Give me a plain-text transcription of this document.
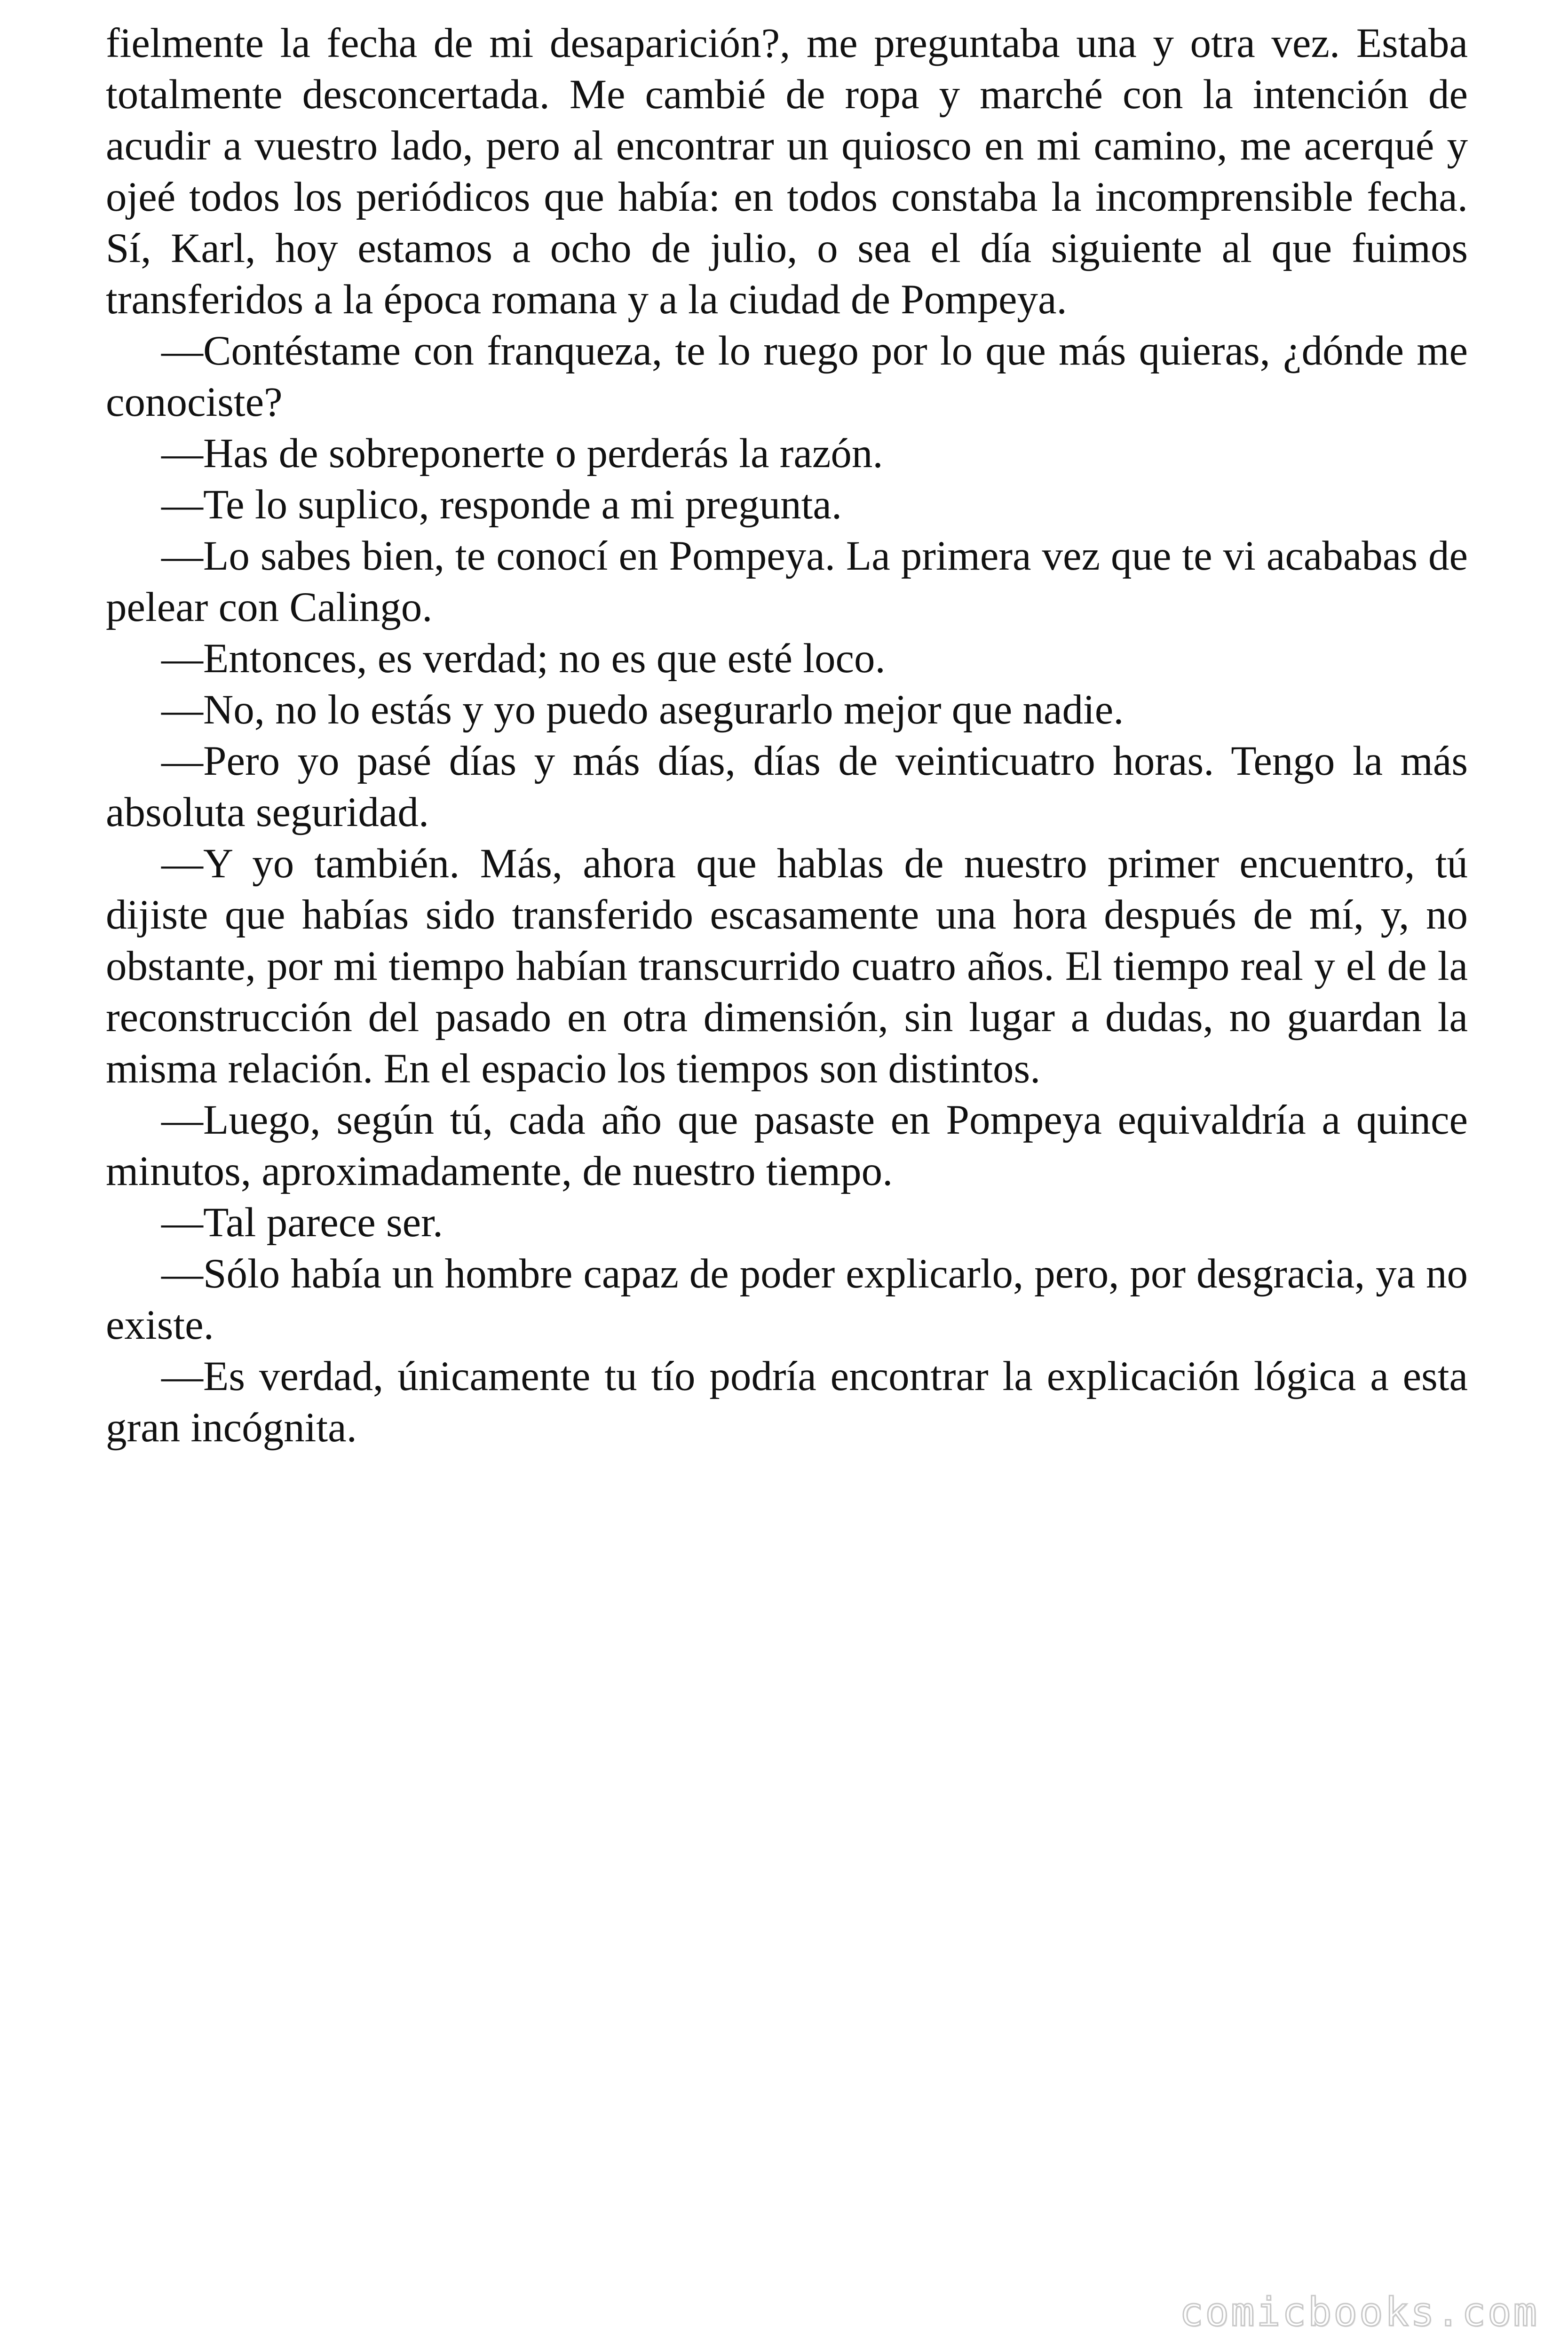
fielmente la fecha de mi desaparición?, me preguntaba una y otra vez. Estaba totalmente desconcertada. Me cambié de ropa y marché con la intención de acudir a vuestro lado, pero al encontrar un quiosco en mi camino, me acerqué y ojeé todos los periódicos que había: en todos constaba la incomprensible fecha. Sí, Karl, hoy estamos a ocho de julio, o sea el día siguiente al que fuimos transferidos a la época romana y a la ciudad de Pompeya.

—Contéstame con franqueza, te lo ruego por lo que más quieras, ¿dónde me conociste?

—Has de sobreponerte o perderás la razón.

—Te lo suplico, responde a mi pregunta.

—Lo sabes bien, te conocí en Pompeya. La primera vez que te vi acababas de pelear con Calingo.

—Entonces, es verdad; no es que esté loco.

—No, no lo estás y yo puedo asegurarlo mejor que nadie.

—Pero yo pasé días y más días, días de veinticuatro horas. Tengo la más absoluta seguridad.

—Y yo también. Más, ahora que hablas de nuestro primer encuentro, tú dijiste que habías sido transferido escasamente una hora después de mí, y, no obstante, por mi tiempo habían transcurrido cuatro años. El tiempo real y el de la reconstrucción del pasado en otra dimensión, sin lugar a dudas, no guardan la misma relación. En el espacio los tiempos son distintos.

—Luego, según tú, cada año que pasaste en Pompeya equivaldría a quince minutos, aproximadamente, de nuestro tiempo.

—Tal parece ser.

—Sólo había un hombre capaz de poder explicarlo, pero, por desgracia, ya no existe.

—Es verdad, únicamente tu tío podría encontrar la explicación lógica a esta gran incógnita.

comicbooks.com
